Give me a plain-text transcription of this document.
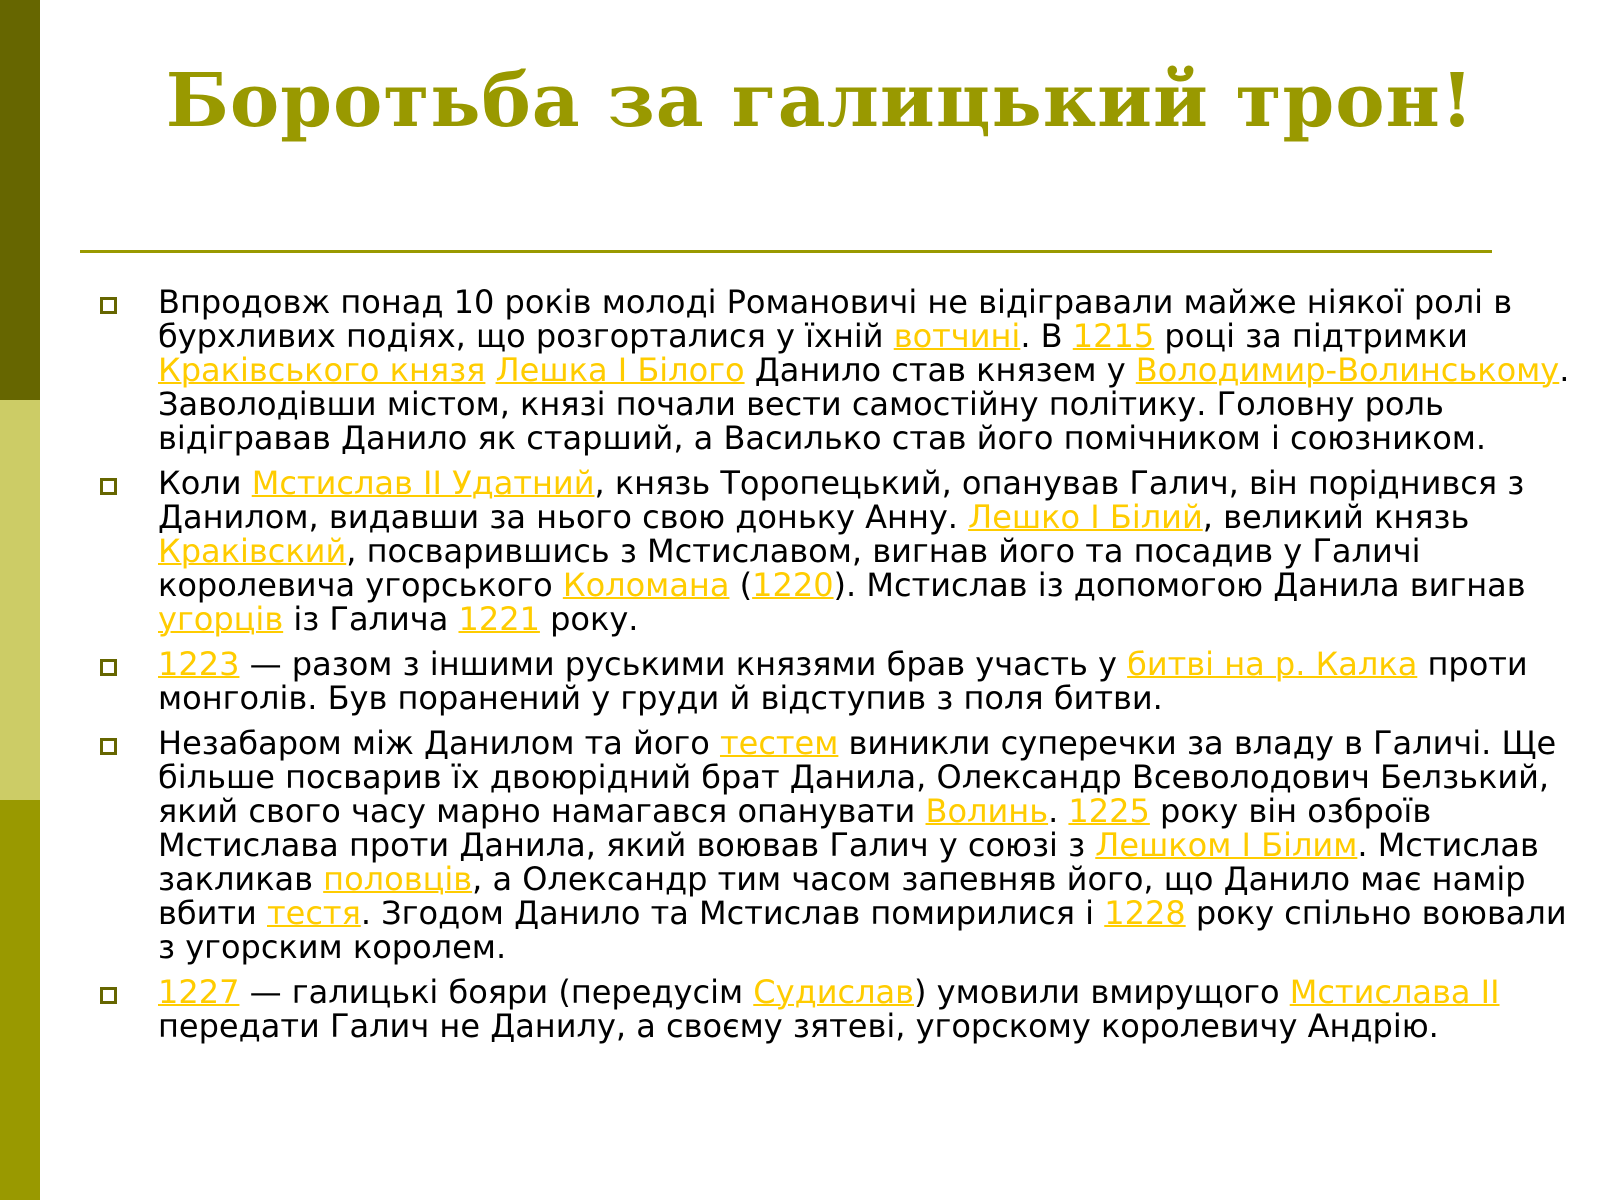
Боротьба за галицький трон!
Впродовж понад 10 років молоді Романовичі не відігравали майже ніякої ролі в бурхливих подіях, що розгорталися у їхній вотчині. В 1215 році за підтримки Краківського князя Лешка І Білого Данило став князем у Володимир-Волинському. Заволодівши містом, князі почали вести самостійну політику. Головну роль відігравав Данило як старший, а Василько став його помічником і союзником.
Коли Мстислав ІІ Удатний, князь Торопецький, опанував Галич, він поріднився з Данилом, видавши за нього свою доньку Анну. Лешко І Білий, великий князь Краківский, посварившись з Мстиславом, вигнав його та посадив у Галичі королевича угорського Коломана (1220). Мстислав із допомогою Данила вигнав угорців із Галича 1221 року.
1223 — разом з іншими руськими князями брав участь у битві на р. Калка проти монголів. Був поранений у груди й відступив з поля битви.
Незабаром між Данилом та його тестем виникли суперечки за владу в Галичі. Ще більше посварив їх двоюрідний брат Данила, Олександр Всеволодович Белзький, який свого часу марно намагався опанувати Волинь. 1225 року він озброїв Мстислава проти Данила, який воював Галич у союзі з Лешком І Білим. Мстислав закликав половців, а Олександр тим часом запевняв його, що Данило має намір вбити тестя. Згодом Данило та Мстислав помирилися і 1228 року спільно воювали з угорским королем.
1227 — галицькі бояри (передусім Судислав) умовили вмирущого Мстислава ІІ передати Галич не Данилу, а своєму зятеві, угорскому королевичу Андрію.
